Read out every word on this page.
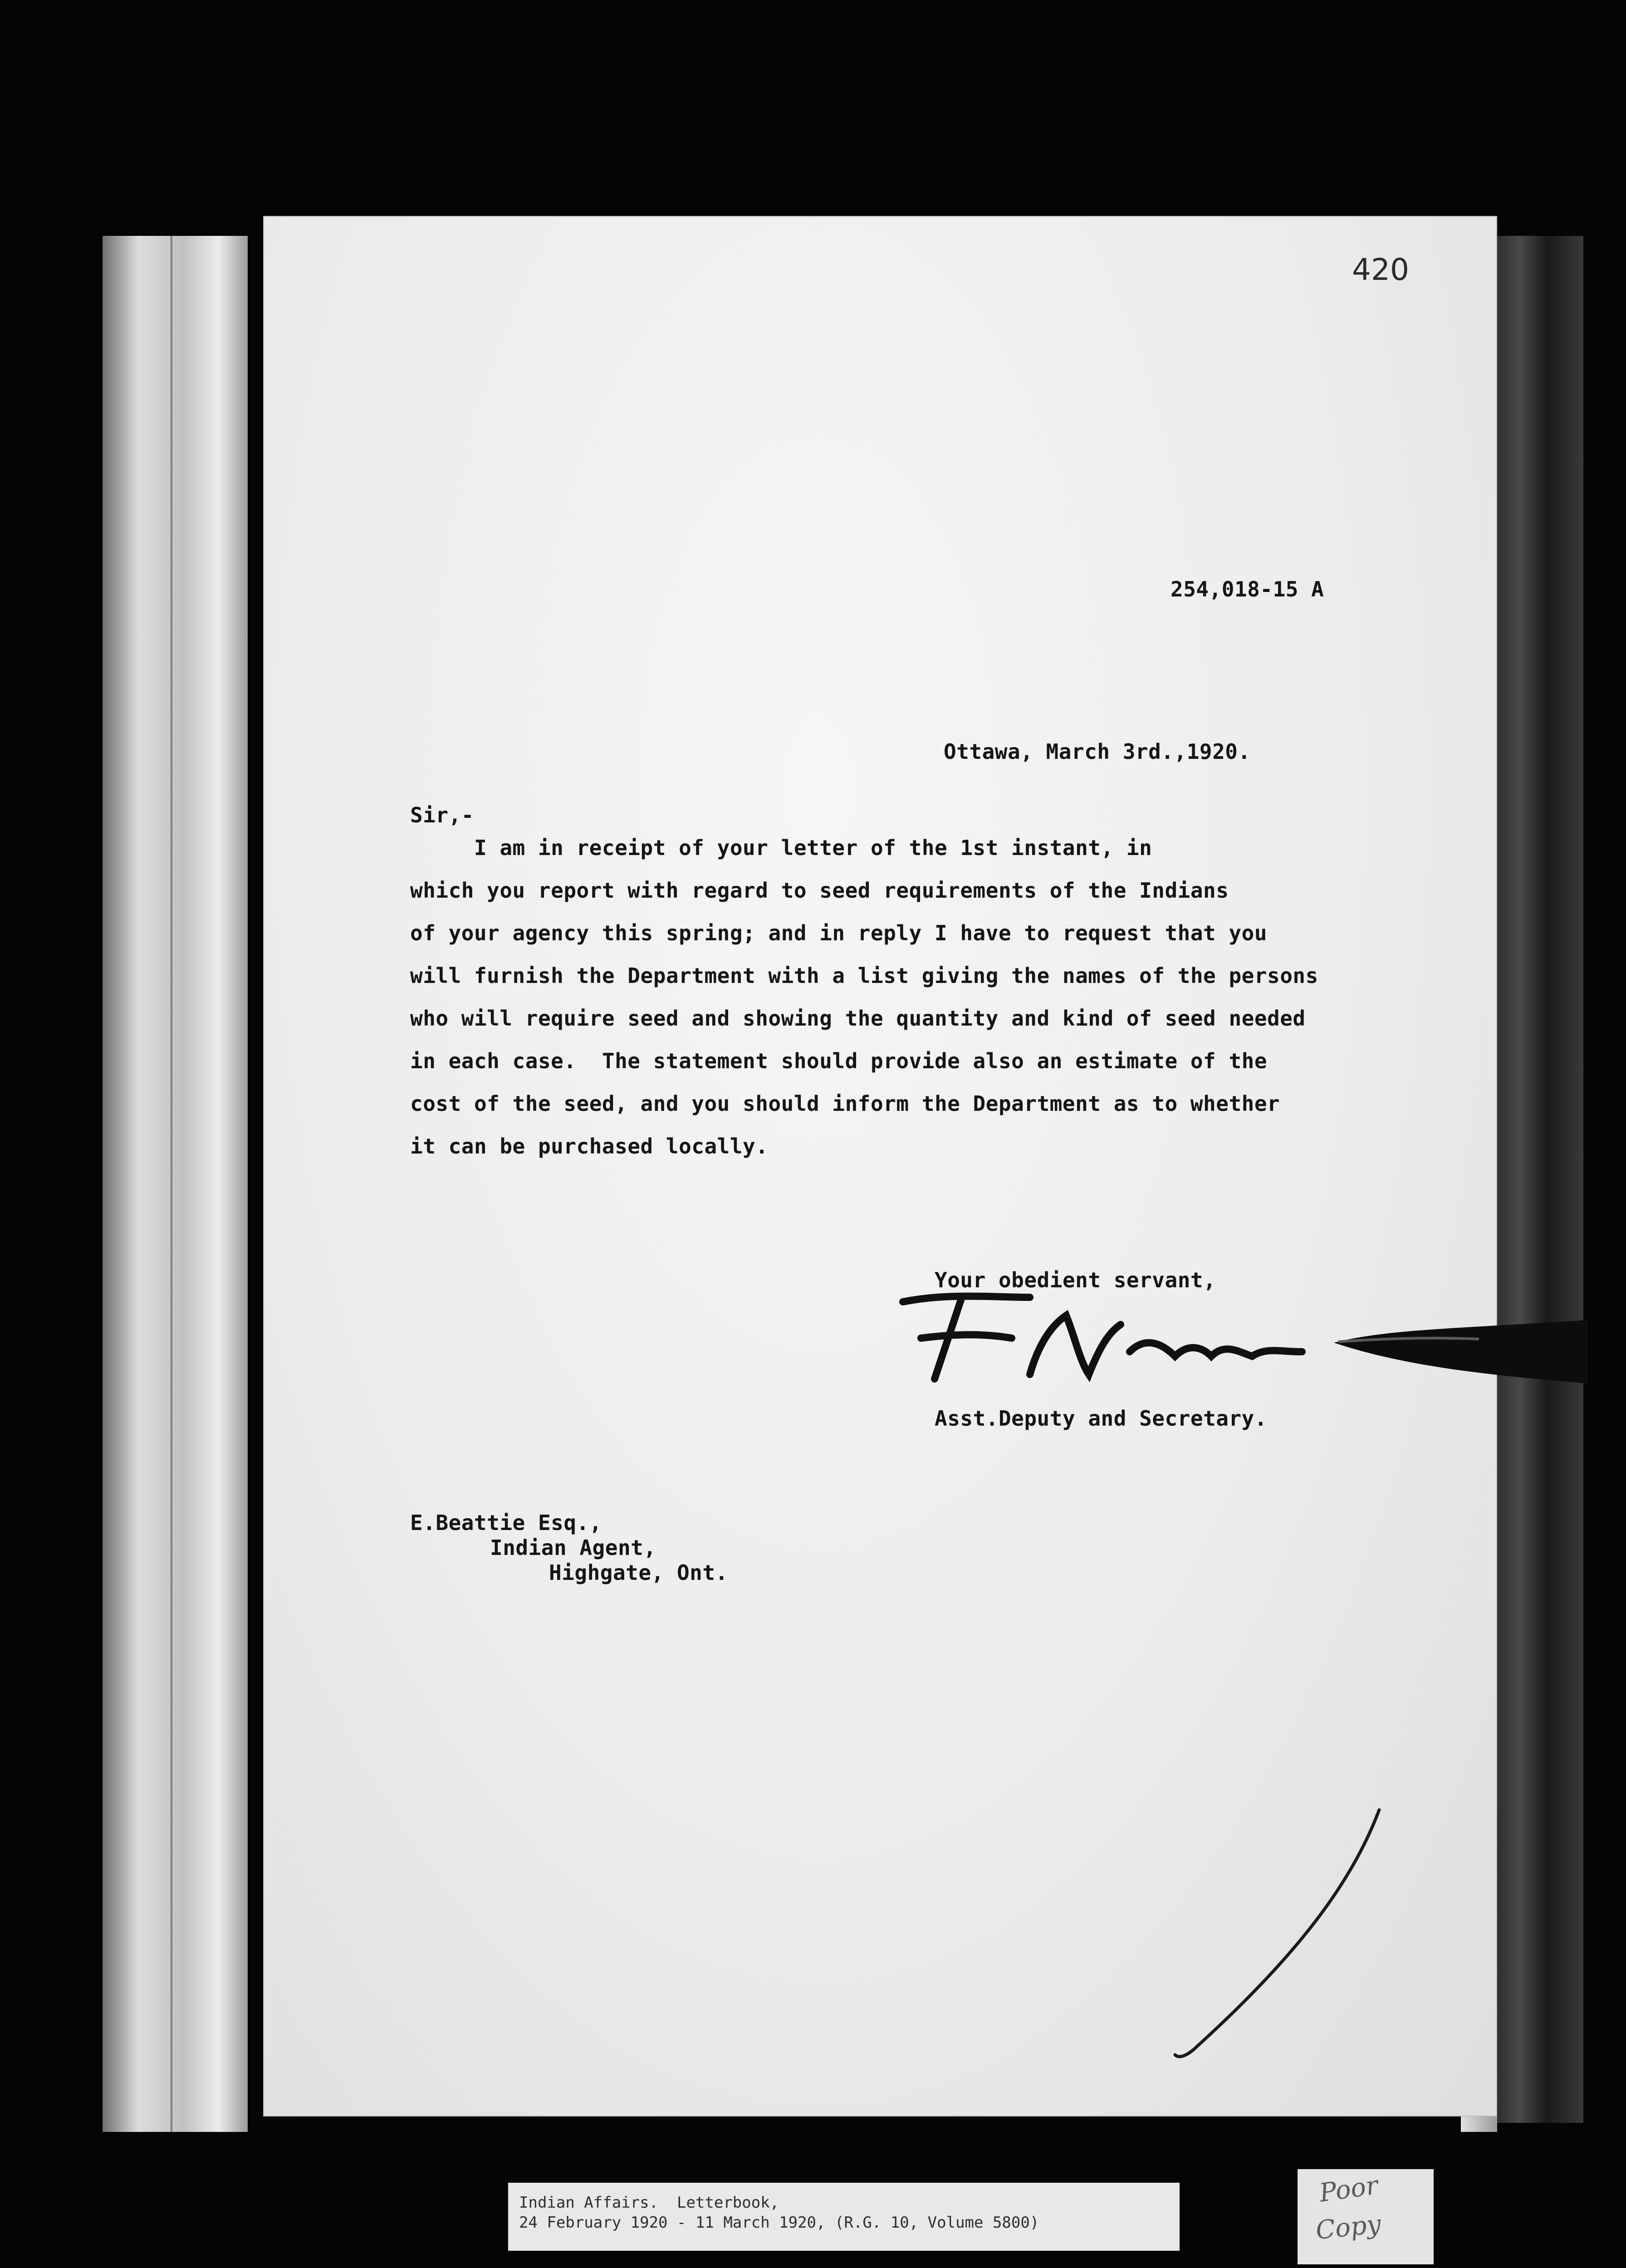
420
254,018-15 A
Ottawa, March 3rd.,1920.
Sir,-
I am in receipt of your letter of the 1st instant, in
which you report with regard to seed requirements of the Indians
of your agency this spring; and in reply I have to request that you
will furnish the Department with a list giving the names of the persons
who will require seed and showing the quantity and kind of seed needed
in each case.  The statement should provide also an estimate of the
cost of the seed, and you should inform the Department as to whether
it can be purchased locally.
Your obedient servant,
Asst.Deputy and Secretary.
E.Beattie Esq.,
Indian Agent,
Highgate, Ont.
Indian Affairs.  Letterbook,
24 February 1920 - 11 March 1920, (R.G. 10, Volume 5800)
Poor
Copy
